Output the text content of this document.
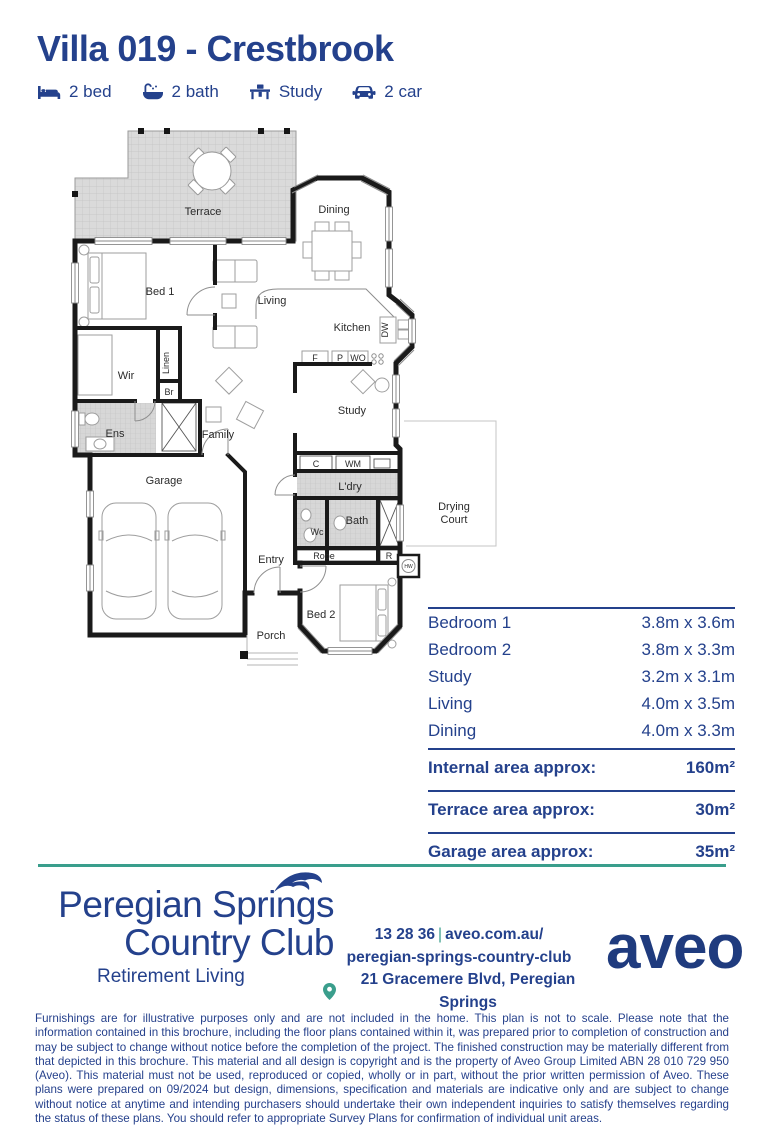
Villa 019 - Crestbrook
2 bed	2 bath	Study	2 car
Terrace	Dining
Bed 1
Living
Kitchen DW
F P WO
Wir
Linen
Br
Ens	Family
Study
Garage
C	WM
L'dry
Wc
Bath
Robe	R
HW
Entry
Bed 2
Porch
Drying
Court
Bedroom 1	3.8m x 3.6m
Bedroom 2	3.8m x 3.3m
Study	3.2m x 3.1m
Living	4.0m x 3.5m
Dining	4.0m x 3.3m
Internal area approx:	160m²
Terrace area approx:	30m²
Garage area approx:	35m²
Peregian Springs
Country Club
Retirement Living
13 28 36 | aveo.com.au/
peregian-springs-country-club
21 Gracemere Blvd, Peregian Springs
aveo
Furnishings are for illustrative purposes only and are not included in the home. This plan is not to scale. Please note that the information contained in this brochure, including the floor plans contained within it, was prepared prior to completion of construction and may be subject to change without notice before the completion of the project. The finished construction may be materially different from that depicted in this brochure. This material and all design is copyright and is the property of Aveo Group Limited ABN 28 010 729 950 (Aveo). This material must not be used, reproduced or copied, wholly or in part, without the prior written permission of Aveo. These plans were prepared on 09/2024 but design, dimensions, specification and materials are indicative only and are subject to change without notice at anytime and intending purchasers should undertake their own independent inquiries to satisfy themselves regarding the status of these plans. You should refer to appropriate Survey Plans for confirmation of individual unit areas.
